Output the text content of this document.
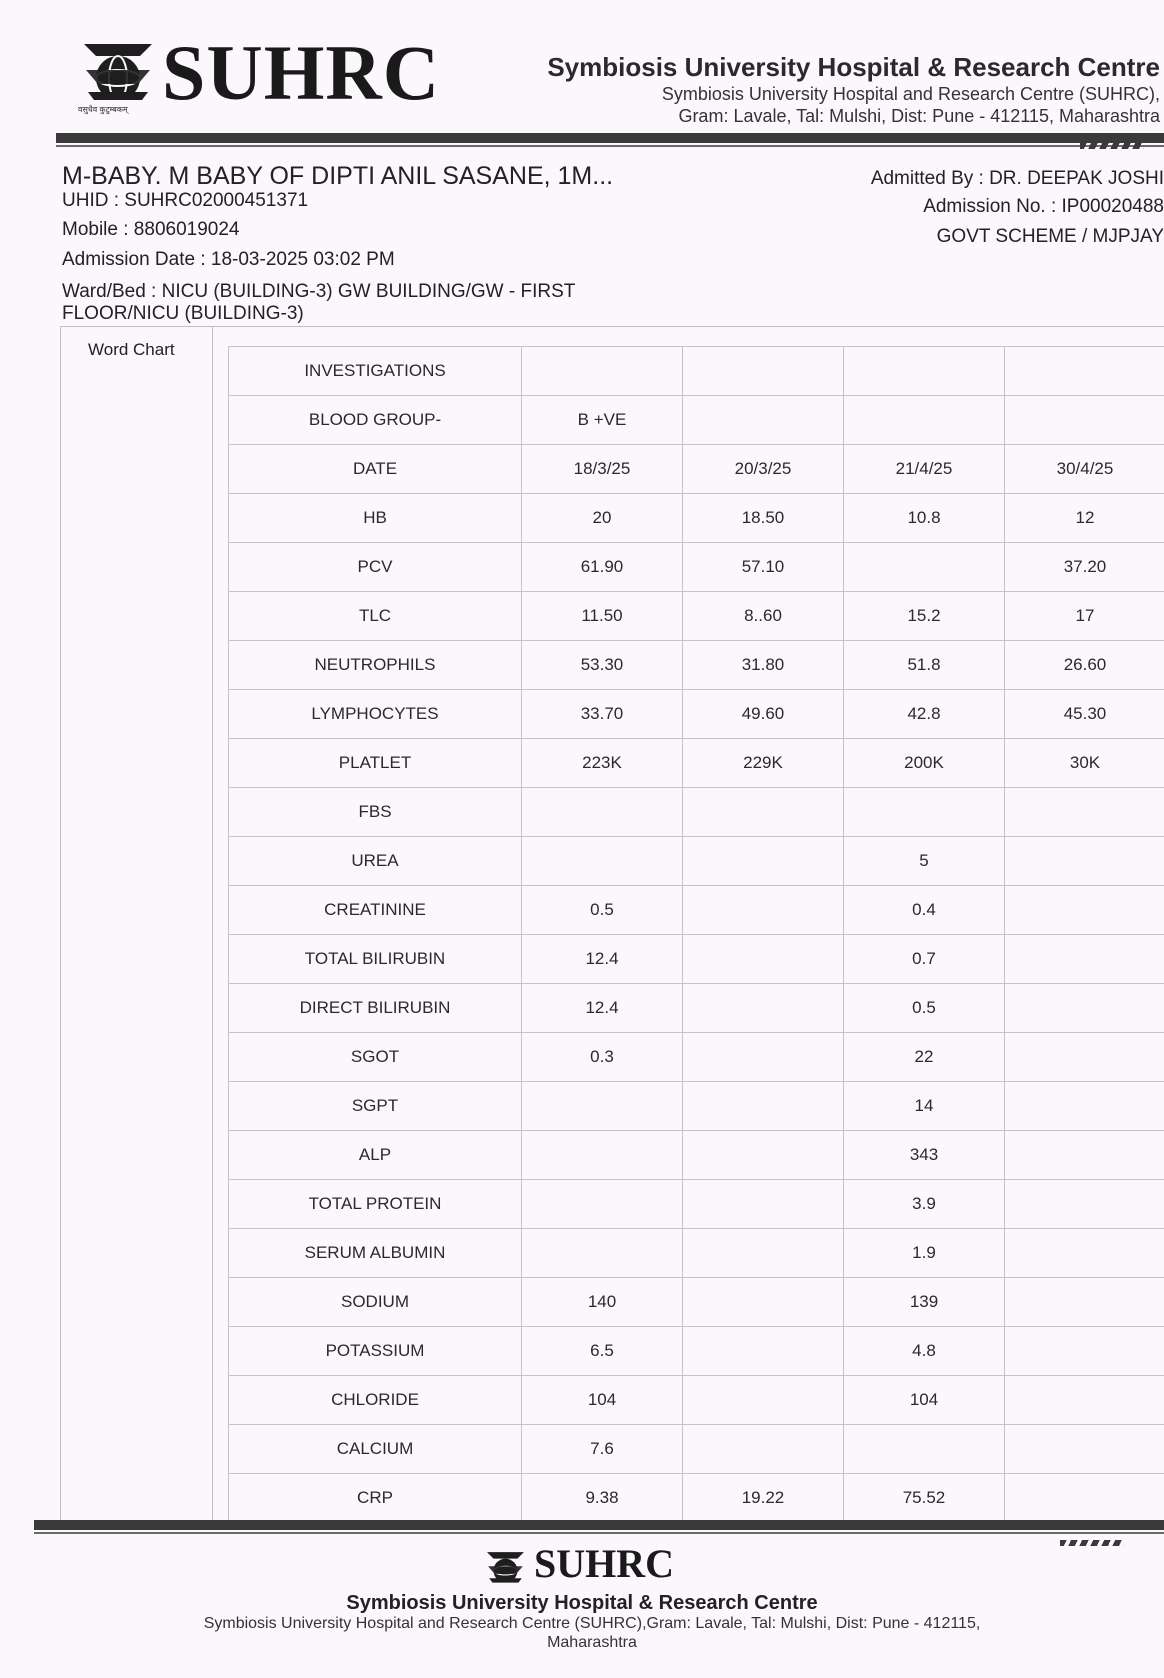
वसुधैव कुटुम्बकम् SUHRC	Symbiosis University Hospital & Research Centre
Symbiosis University Hospital and Research Centre (SUHRC),
Gram: Lavale, Tal: Mulshi, Dist: Pune - 412115, Maharashtra
M-BABY. M BABY OF DIPTI ANIL SASANE, 1M...
UHID : SUHRC02000451371
Mobile : 8806019024
Admission Date : 18-03-2025 03:02 PM
Ward/Bed : NICU (BUILDING-3) GW BUILDING/GW - FIRST
FLOOR/NICU (BUILDING-3)
Admitted By : DR. DEEPAK JOSHI
Admission No. : IP00020488
GOVT SCHEME / MJPJAY
Word Chart
INVESTIGATIONS				
BLOOD GROUP-	B +VE			
DATE	18/3/25	20/3/25	21/4/25	30/4/25
HB	20	18.50	10.8	12
PCV	61.90	57.10		37.20
TLC	11.50	8..60	15.2	17
NEUTROPHILS	53.30	31.80	51.8	26.60
LYMPHOCYTES	33.70	49.60	42.8	45.30
PLATLET	223K	229K	200K	30K
FBS				
UREA			5	
CREATININE	0.5		0.4	
TOTAL BILIRUBIN	12.4		0.7	
DIRECT BILIRUBIN	12.4		0.5	
SGOT	0.3		22	
SGPT			14	
ALP			343	
TOTAL PROTEIN			3.9	
SERUM ALBUMIN			1.9	
SODIUM	140		139	
POTASSIUM	6.5		4.8	
CHLORIDE	104		104	
CALCIUM	7.6			
CRP	9.38	19.22	75.52	
SUHRC
Symbiosis University Hospital & Research Centre
Symbiosis University Hospital and Research Centre (SUHRC),Gram: Lavale, Tal: Mulshi, Dist: Pune - 412115,
Maharashtra
